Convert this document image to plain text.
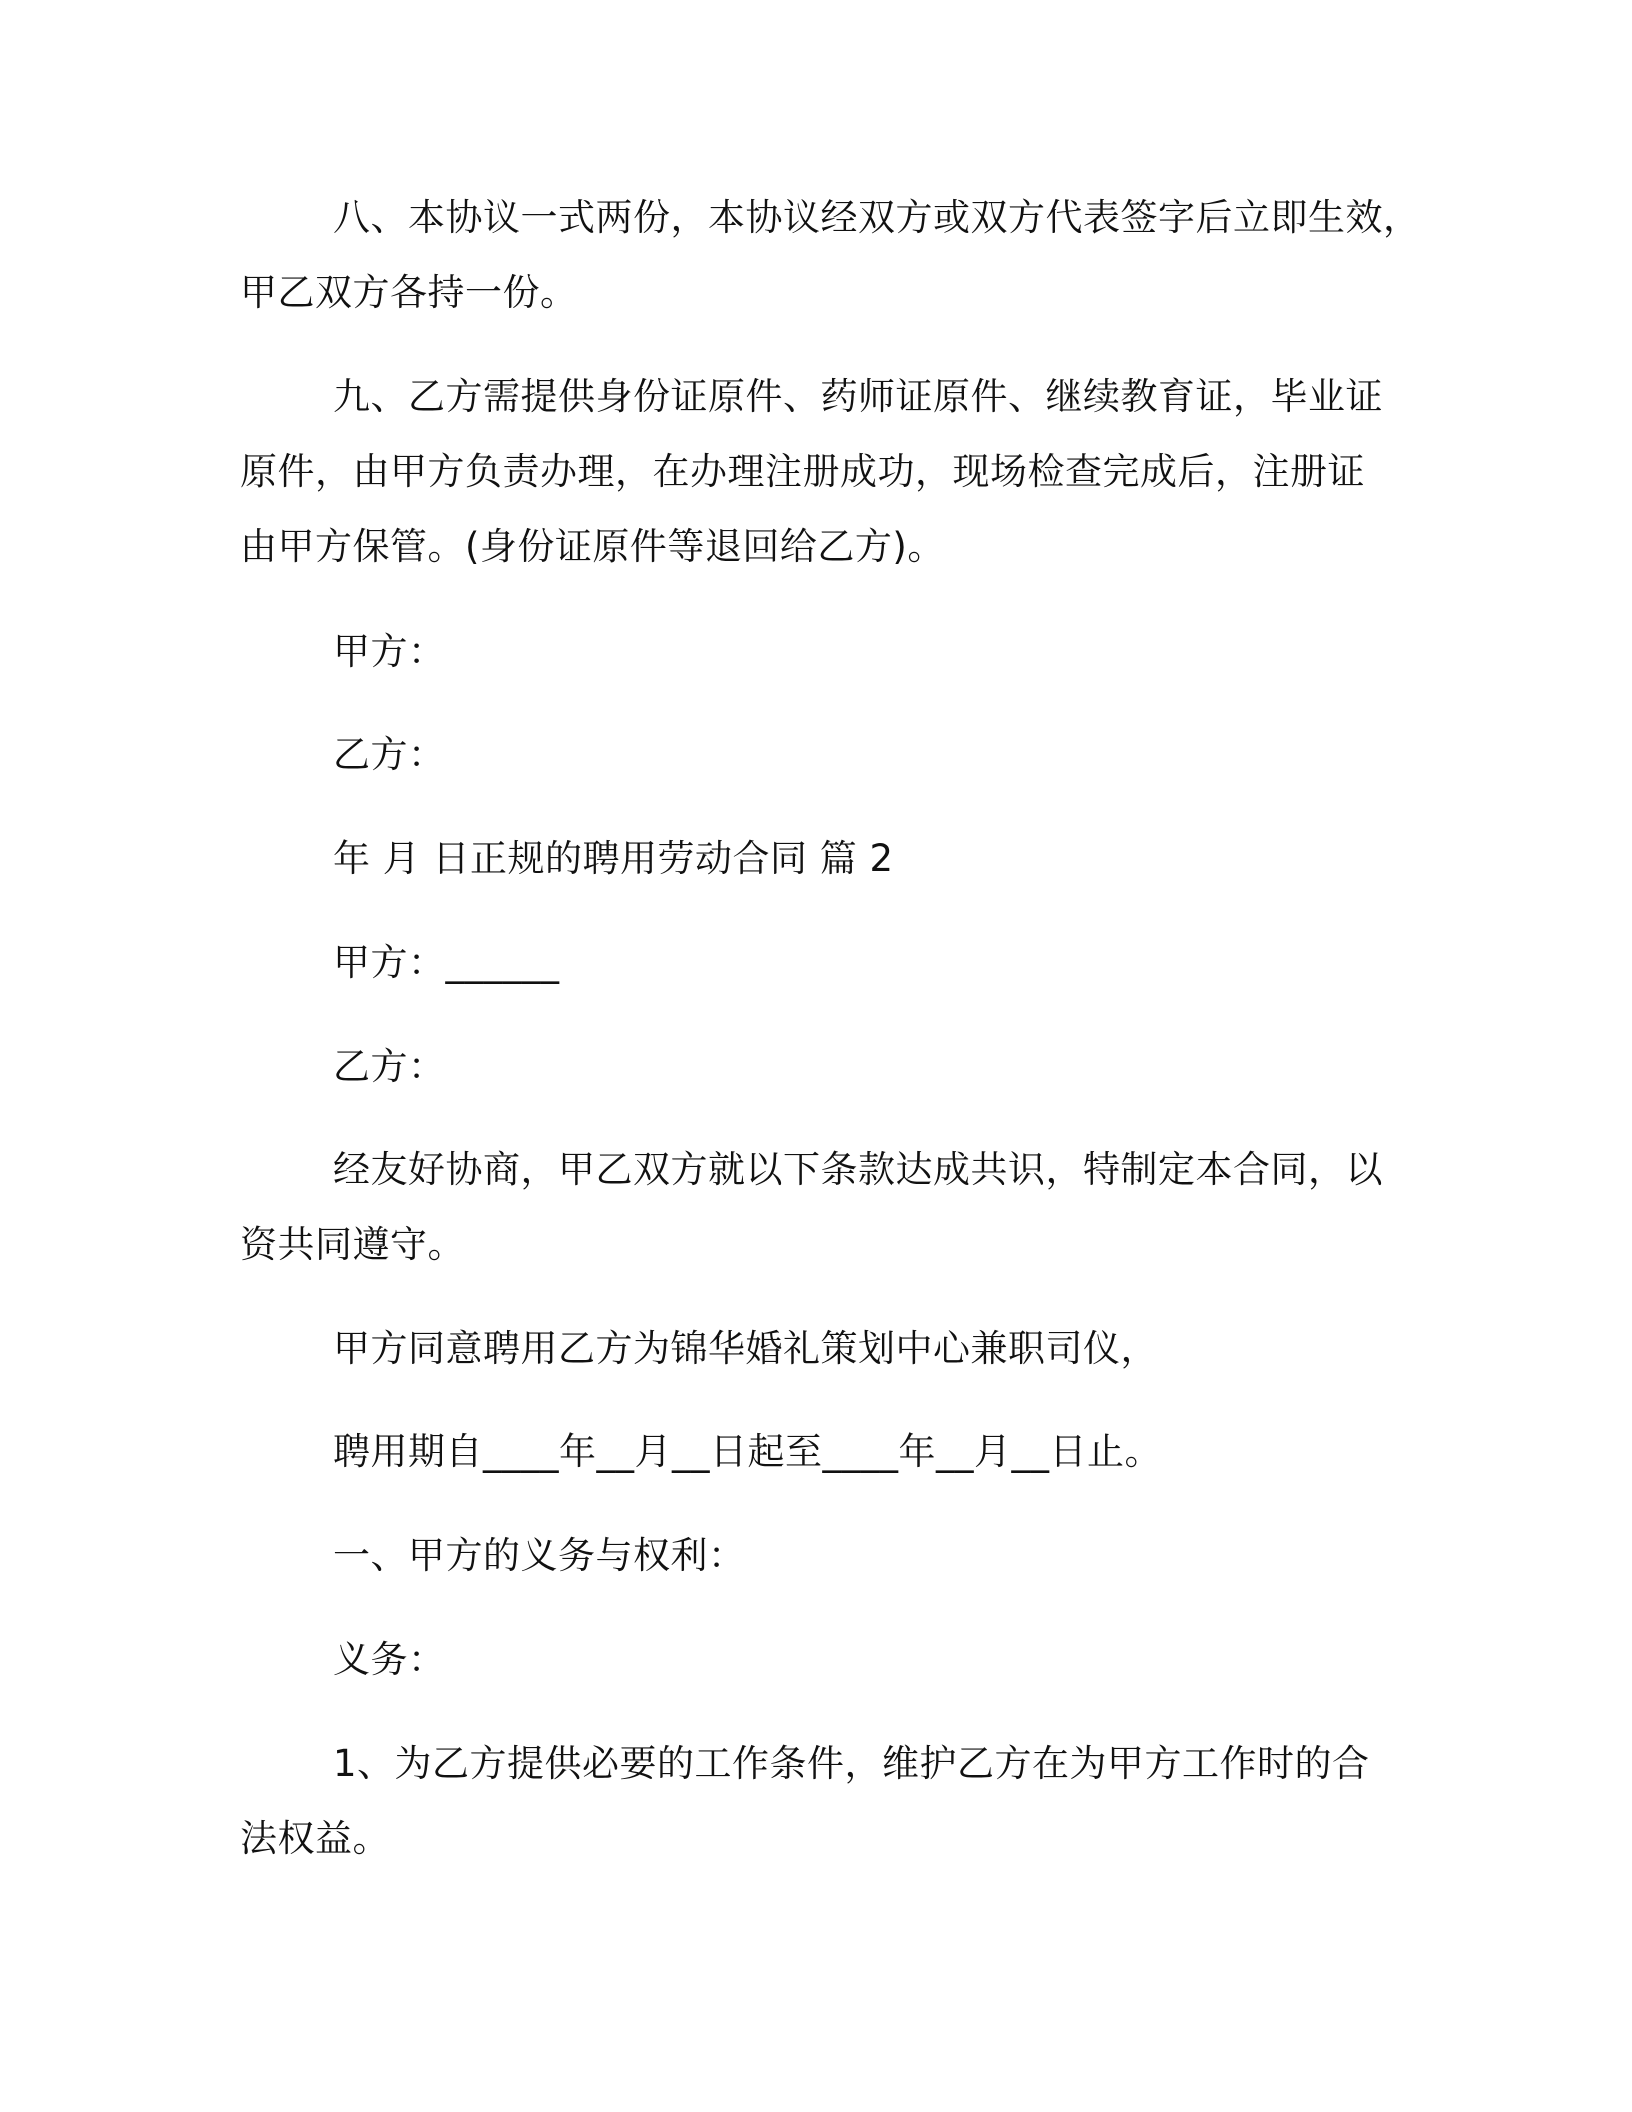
八、本协议一式两份，本协议经双方或双方代表签字后立即生效，

甲乙双方各持一份。

九、乙方需提供身份证原件、药师证原件、继续教育证，毕业证

原件，由甲方负责办理，在办理注册成功，现场检查完成后，注册证

由甲方保管。(身份证原件等退回给乙方)。

甲方：

乙方：

年 月 日正规的聘用劳动合同 篇 2

甲方：______

乙方：

经友好协商，甲乙双方就以下条款达成共识，特制定本合同，以

资共同遵守。

甲方同意聘用乙方为锦华婚礼策划中心兼职司仪，

聘用期自____年__月__日起至____年__月__日止。

一、甲方的义务与权利：

义务：

1、为乙方提供必要的工作条件，维护乙方在为甲方工作时的合

法权益。
